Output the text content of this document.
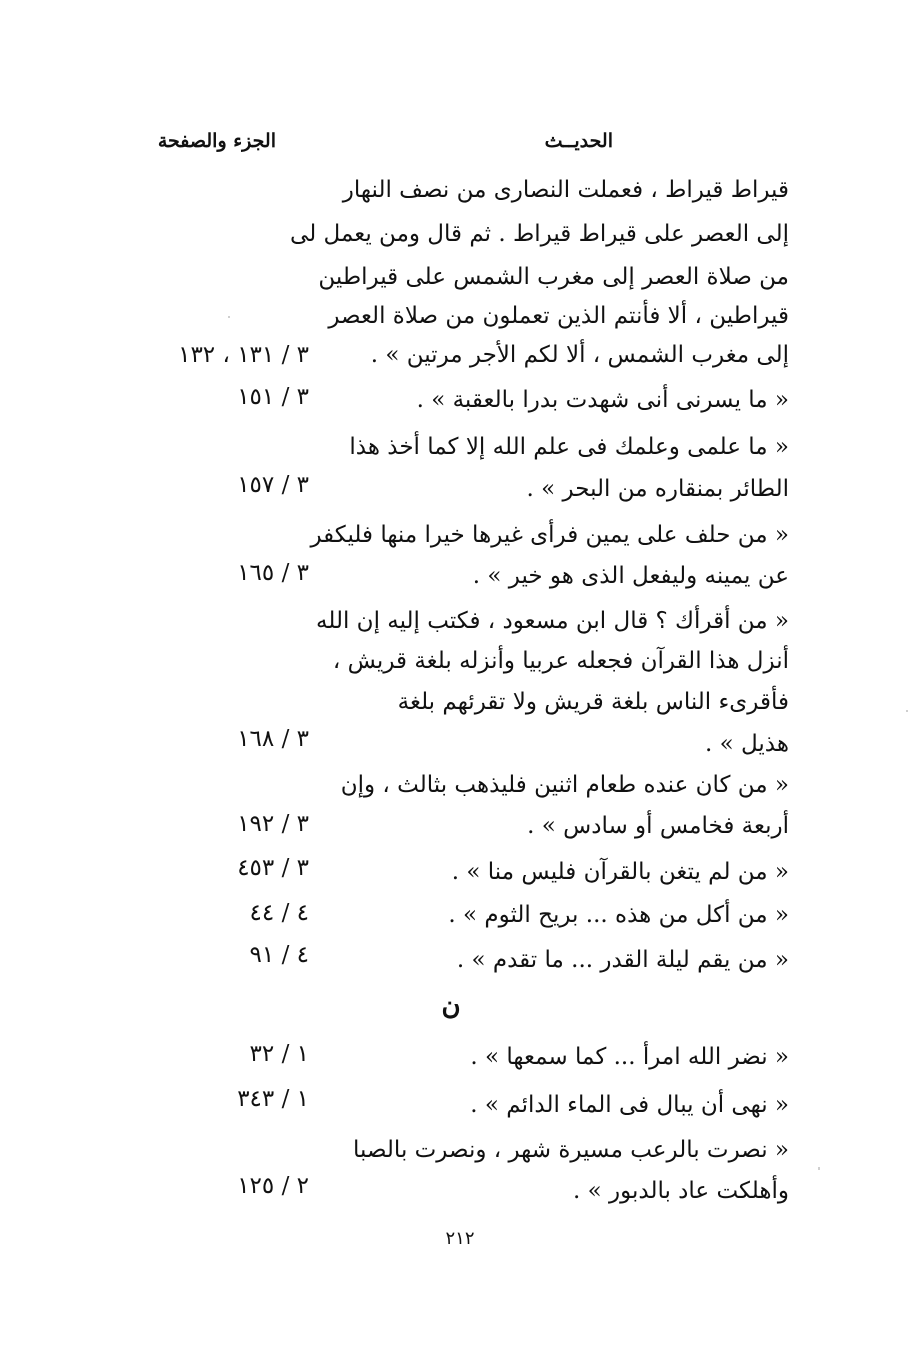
الحديــث
الجزء والصفحة
قيراط قيراط ، فعملت النصارى من نصف النهار
إلى العصر على قيراط قيراط . ثم قال ومن يعمل لى
من صلاة العصر إلى مغرب الشمس على قيراطين
قيراطين ، ألا فأنتم الذين تعملون من صلاة العصر
إلى مغرب الشمس ، ألا لكم الأجر مرتين » .
« ما يسرنى أنى شهدت بدرا بالعقبة » .
« ما علمى وعلمك فى علم الله إلا كما أخذ هذا
الطائر بمنقاره من البحر » .
« من حلف على يمين فرأى غيرها خيرا منها فليكفر
عن يمينه وليفعل الذى هو خير » .
« من أقرأك ؟ قال ابن مسعود ، فكتب إليه إن الله
أنزل هذا القرآن فجعله عربيا وأنزله بلغة قريش ،
فأقرىء الناس بلغة قريش ولا تقرئهم بلغة
هذيل » .
« من كان عنده طعام اثنين فليذهب بثالث ، وإن
أربعة فخامس أو سادس » .
« من لم يتغن بالقرآن فليس منا » .
« من أكل من هذه ... بريح الثوم » .
« من يقم ليلة القدر ... ما تقدم » .
ن
« نضر الله امرأ ... كما سمعها » .
« نهى أن يبال فى الماء الدائم » .
« نصرت بالرعب مسيرة شهر ، ونصرت بالصبا
وأهلكت عاد بالدبور » .
٣ / ١٣١ ، ١٣٢
٣ / ١٥١
٣ / ١٥٧
٣ / ١٦٥
٣ / ١٦٨
٣ / ١٩٢
٣ / ٤٥٣
٤ / ٤٤
٤ / ٩١
١ / ٣٢
١ / ٣٤٣
٢ / ١٢٥
٢١٢
